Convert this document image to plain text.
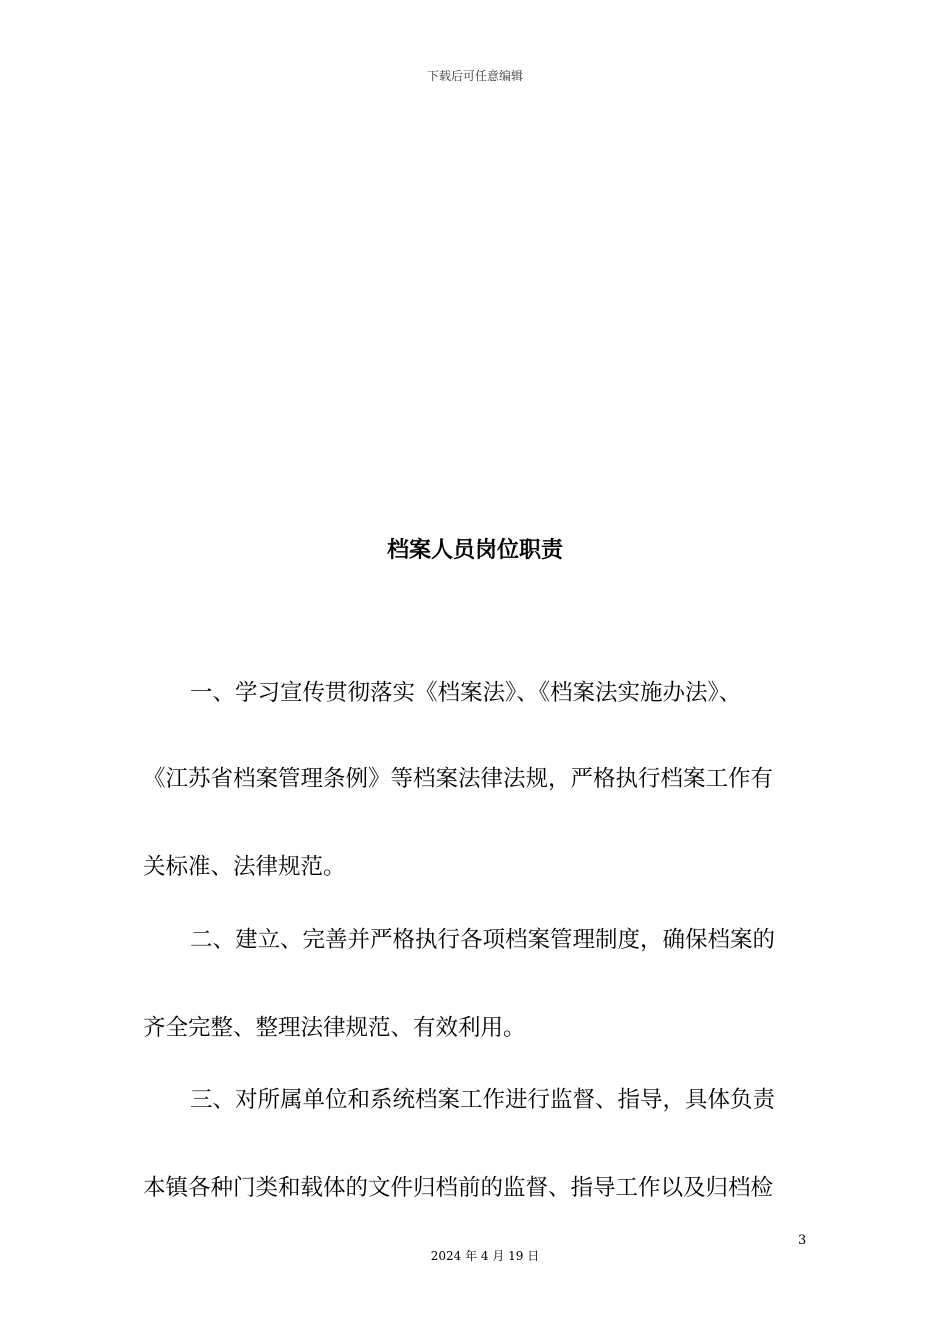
下载后可任意编辑
档案人员岗位职责
一、学习宣传贯彻落实《档案法》、《档案法实施办法》、
《江苏省档案管理条例》等档案法律法规，严格执行档案工作有
关标准、法律规范。
二、建立、完善并严格执行各项档案管理制度，确保档案的
齐全完整、整理法律规范、有效利用。
三、对所属单位和系统档案工作进行监督、指导，具体负责
本镇各种门类和载体的文件归档前的监督、指导工作以及归档检
3
2024 年 4 月 19 日
